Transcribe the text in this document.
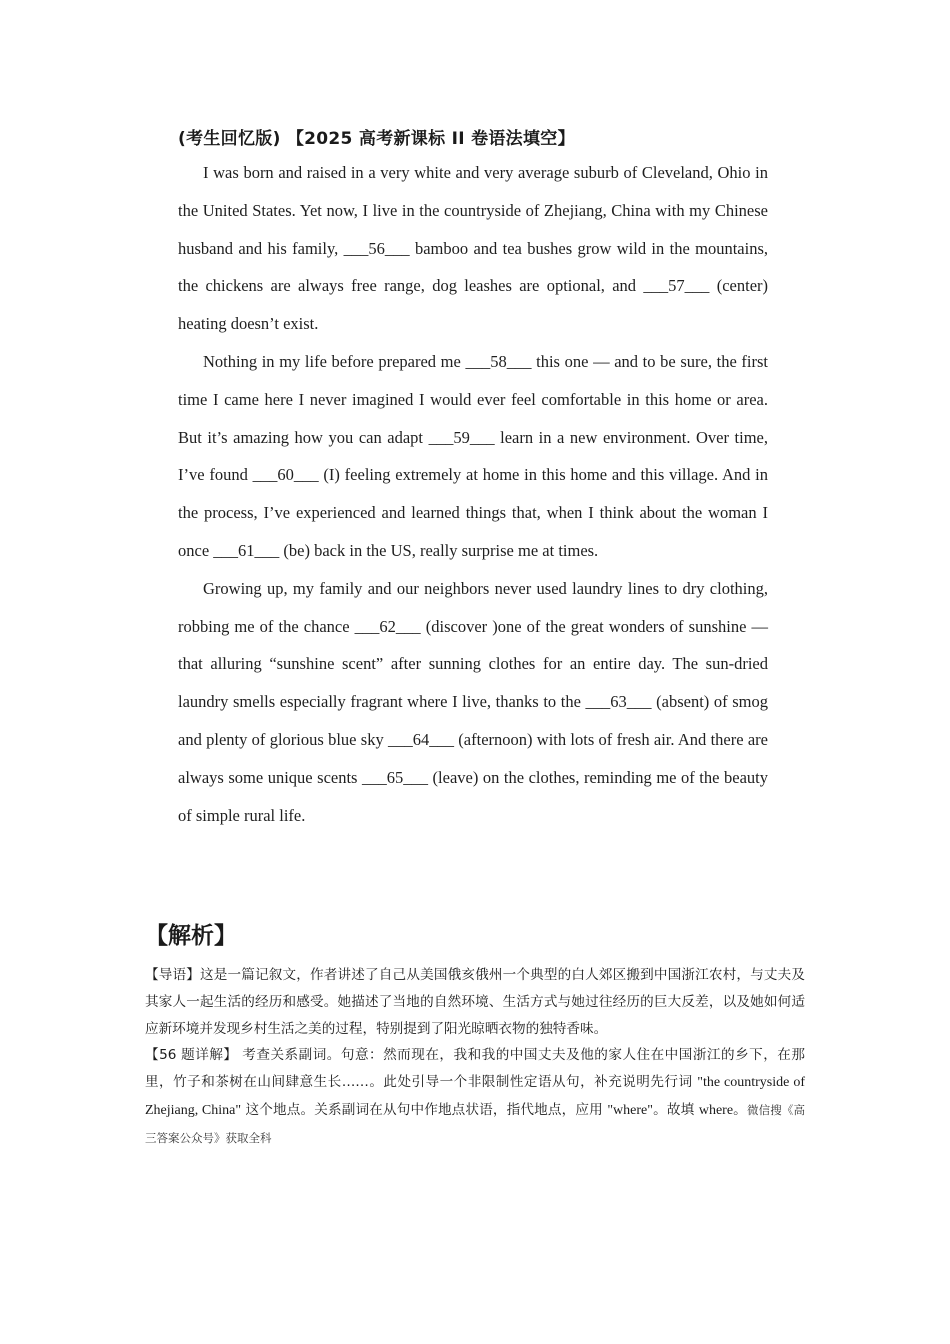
(考生回忆版) 【2025 高考新课标 II 卷语法填空】

I was born and raised in a very white and very average suburb of Cleveland, Ohio in the United States. Yet now, I live in the countryside of Zhejiang, China with my Chinese husband and his family, ___56___ bamboo and tea bushes grow wild in the mountains, the chickens are always free range, dog leashes are optional, and ___57___ (center) heating doesn’t exist.

Nothing in my life before prepared me ___58___ this one — and to be sure, the first time I came here I never imagined I would ever feel comfortable in this home or area. But it’s amazing how you can adapt ___59___ learn in a new environment. Over time, I’ve found ___60___ (I) feeling extremely at home in this home and this village. And in the process, I’ve experienced and learned things that, when I think about the woman I once ___61___ (be) back in the US, really surprise me at times.

Growing up, my family and our neighbors never used laundry lines to dry clothing, robbing me of the chance ___62___ (discover )one of the great wonders of sunshine — that alluring “sunshine scent” after sunning clothes for an entire day. The sun-dried laundry smells especially fragrant where I live, thanks to the ___63___ (absent) of smog and plenty of glorious blue sky ___64___ (afternoon) with lots of fresh air. And there are always some unique scents ___65___ (leave) on the clothes, reminding me of the beauty of simple rural life.

【解析】

【导语】这是一篇记叙文，作者讲述了自己从美国俄亥俄州一个典型的白人郊区搬到中国浙江农村，与丈夫及其家人一起生活的经历和感受。她描述了当地的自然环境、生活方式与她过往经历的巨大反差，以及她如何适应新环境并发现乡村生活之美的过程，特别提到了阳光晾晒衣物的独特香味。

【56 题详解】 考查关系副词。句意：然而现在，我和我的中国丈夫及他的家人住在中国浙江的乡下，在那里，竹子和茶树在山间肆意生长……。此处引导一个非限制性定语从句，补充说明先行词 "the countryside of Zhejiang, China" 这个地点。关系副词在从句中作地点状语，指代地点，应用 "where"。故填 where。微信搜《高三答案公众号》获取全科
